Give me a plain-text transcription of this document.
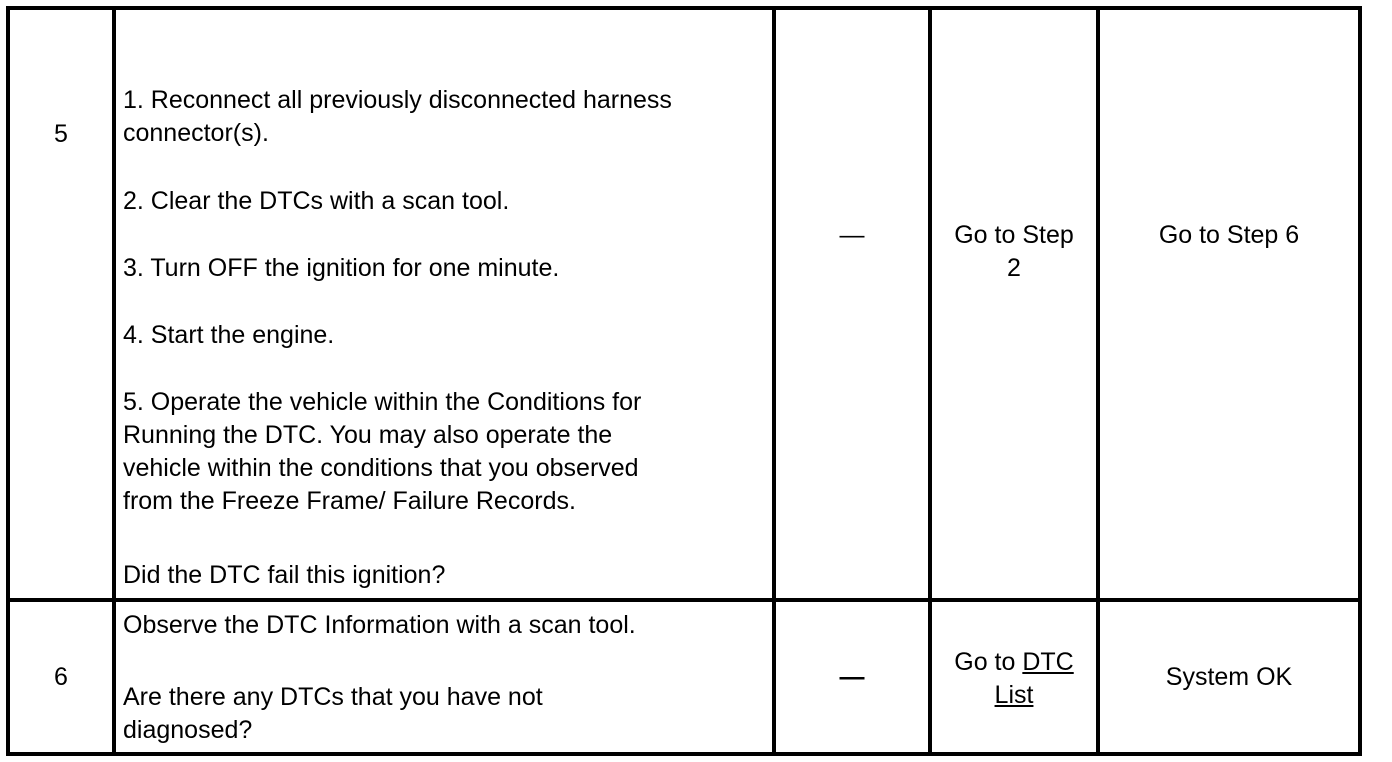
5
1. Reconnect all previously disconnected harness
connector(s).
2. Clear the DTCs with a scan tool.
3. Turn OFF the ignition for one minute.
4. Start the engine.
5. Operate the vehicle within the Conditions for
Running the DTC. You may also operate the
vehicle within the conditions that you observed
from the Freeze Frame/ Failure Records.
Did the DTC fail this ignition?
—	Go to Step
2
Go to Step 6
6
Observe the DTC Information with a scan tool.
Are there any DTCs that you have not
diagnosed?
—
Go to DTC
List
System OK
